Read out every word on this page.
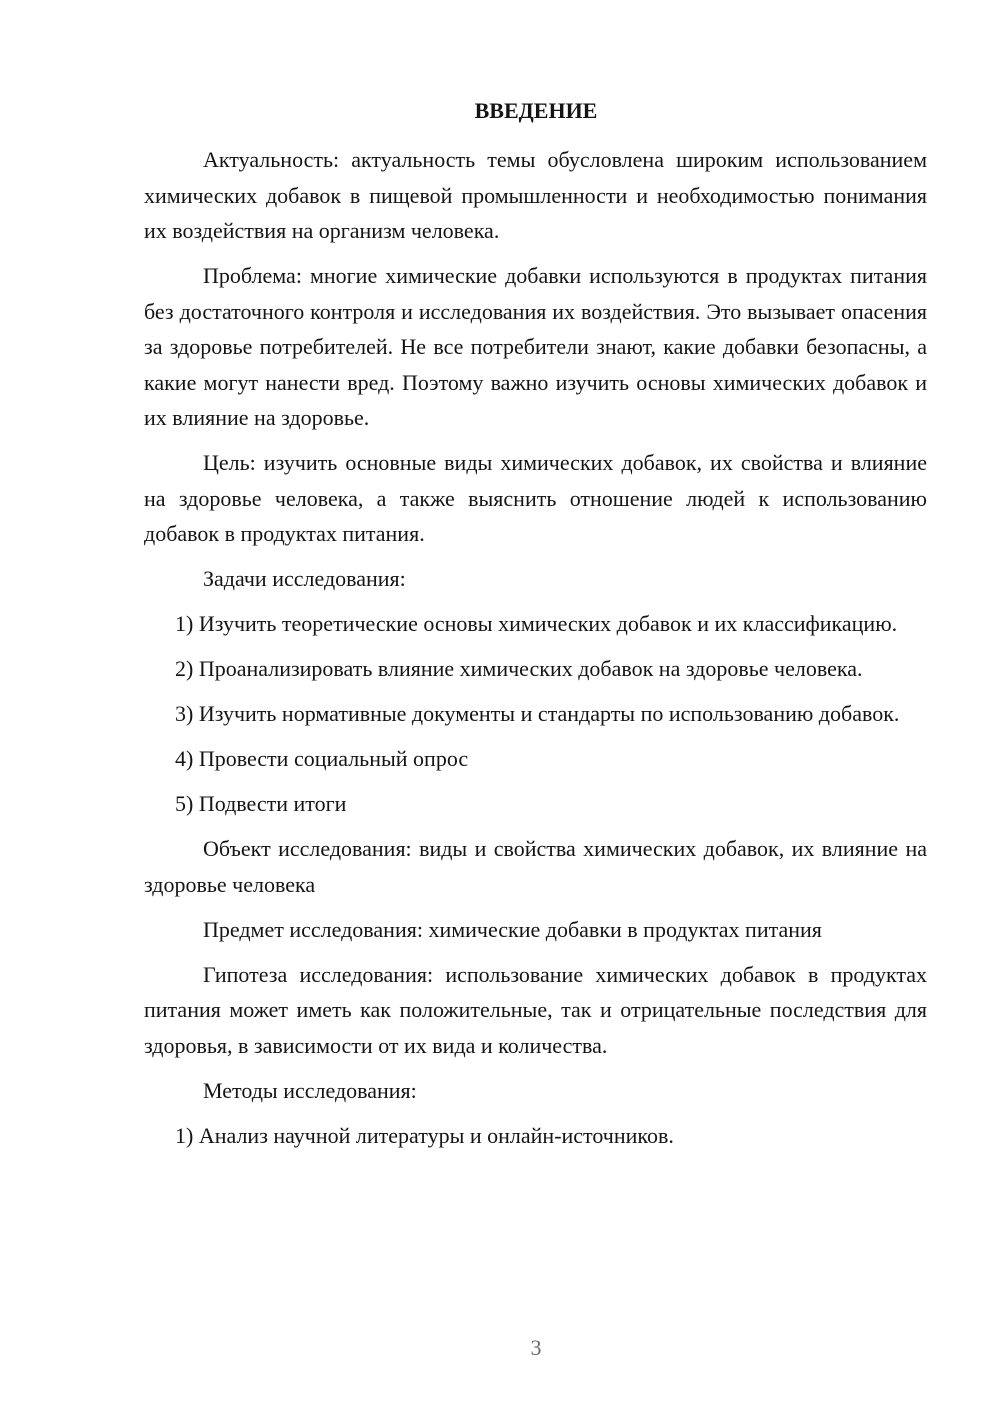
ВВЕДЕНИЕ

Актуальность: актуальность темы обусловлена широким использованием химических добавок в пищевой промышленности и необходимостью понимания их воздействия на организм человека.

Проблема: многие химические добавки используются в продуктах питания без достаточного контроля и исследования их воздействия. Это вызывает опасения за здоровье потребителей. Не все потребители знают, какие добавки безопасны, а какие могут нанести вред. Поэтому важно изучить основы химических добавок и их влияние на здоровье.

Цель: изучить основные виды химических добавок, их свойства и влияние на здоровье человека, а также выяснить отношение людей к использованию добавок в продуктах питания.

Задачи исследования:

1) Изучить теоретические основы химических добавок и их классификацию.

2) Проанализировать влияние химических добавок на здоровье человека.

3) Изучить нормативные документы и стандарты по использованию добавок.

4) Провести социальный опрос

5) Подвести итоги

Объект исследования: виды и свойства химических добавок, их влияние на здоровье человека

Предмет исследования: химические добавки в продуктах питания

Гипотеза исследования: использование химических добавок в продуктах питания может иметь как положительные, так и отрицательные последствия для здоровья, в зависимости от их вида и количества.

Методы исследования:

1) Анализ научной литературы и онлайн-источников.

3
